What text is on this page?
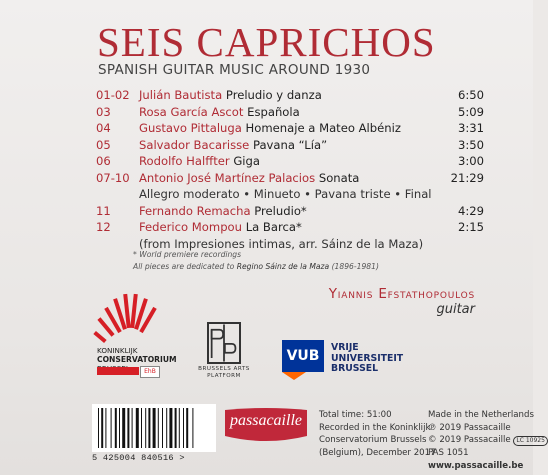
SEIS CAPRICHOS
SPANISH GUITAR MUSIC AROUND 1930
01-02 Julián Bautista Preludio y danza	6:50
03 Rosa García Ascot Española	5:09
04 Gustavo Pittaluga Homenaje a Mateo Albéniz	3:31
05 Salvador Bacarisse Pavana “Lía”	3:50
06 Rodolfo Halffter Giga	3:00
07-10 Antonio José Martínez Palacios Sonata	21:29
Allegro moderato • Minueto • Pavana triste • Final
11 Fernando Remacha Preludio*	4:29
12 Federico Mompou La Barca*	2:15
(from Impresiones intimas, arr. Sáinz de la Maza)
* World premiere recordings
All pieces are dedicated to Regino Sáinz de la Maza (1896-1981)
Yiannis Efstathopoulos
guitar
KONINKLIJK
CONSERVATORIUM
EhB	BRUSSELS ARTS
PLATFORM
VUB
VRIJE
UNIVERSITEIT
BRUSSEL
5 425004 840516 >
passacaille	Total time: 51:00
Recorded in the Koninklijk
Conservatorium Brussels
(Belgium), December 2017
Made in the Netherlands
℗ 2019 Passacaille
© 2019 Passacaille LC 10925
PAS 1051
www.passacaille.be
